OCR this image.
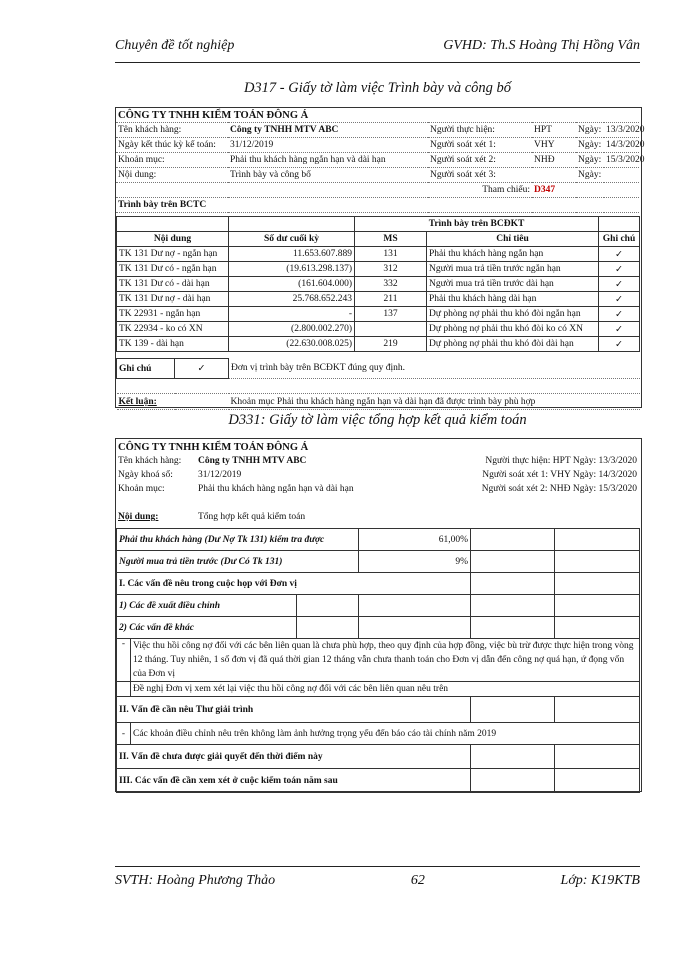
Chuyên đề tốt nghiệp	GVHD: Th.S Hoàng Thị Hồng Vân
D317 - Giấy tờ làm việc Trình bày và công bố
CÔNG TY TNHH KIỂM TOÁN ĐÔNG Á					
Tên khách hàng:	Công ty TNHH MTV ABC	Người thực hiện:	HPT	Ngày:	13/3/2020
Ngày kết thúc kỳ kế toán:	31/12/2019	Người soát xét 1:	VHY	Ngày:	14/3/2020
Khoản mục:	Phải thu khách hàng ngắn hạn và dài hạn	Người soát xét 2:	NHĐ	Ngày:	15/3/2020
Nội dung:	Trình bày và công bố	Người soát xét 3:		Ngày:	
		Tham chiếu:	D347		
Trình bày trên BCTC					
		Trình bày trên BCĐKT		
Nội dung	Số dư cuối kỳ	MS	Chỉ tiêu	Ghi chú
TK 131 Dư nợ - ngắn hạn	11.653.607.889	131	Phải thu khách hàng ngắn hạn	✓
TK 131 Dư có - ngắn hạn	(19.613.298.137)	312	Người mua trả tiền trước ngắn hạn	✓
TK 131 Dư có - dài hạn	(161.604.000)	332	Người mua trả tiền trước dài hạn	✓
TK 131 Dư nợ - dài hạn	25.768.652.243	211	Phải thu khách hàng dài hạn	✓
TK 22931 - ngắn hạn	-	137	Dự phòng nợ phải thu khó đòi ngắn hạn	✓
TK 22934 - ko có XN	(2.800.002.270)		Dự phòng nợ phải thu khó đòi ko có XN	✓
TK 139 - dài hạn	(22.630.008.025)	219	Dự phòng nợ phải thu khó đòi dài hạn	✓
Ghi chú	✓	Đơn vị trình bày trên BCĐKT đúng quy định.

Kết luận:		Khoản mục Phải thu khách hàng ngắn hạn và dài hạn đã được trình bày phù hợp
D331: Giấy tờ làm việc tổng hợp kết quả kiểm toán
CÔNG TY TNHH KIỂM TOÁN ĐÔNG Á		
Tên khách hàng:	Công ty TNHH MTV ABC	Người thực hiện: HPT Ngày: 13/3/2020
Ngày khoá sổ:	31/12/2019	Người soát xét 1: VHY Ngày: 14/3/2020
Khoản mục:	Phải thu khách hàng ngắn hạn và dài hạn	Người soát xét 2: NHĐ Ngày: 15/3/2020

Nội dung:	Tổng hợp kết quả kiểm toán	
Phải thu khách hàng (Dư Nợ Tk 131) kiểm tra được			61,00%		
Người mua trả tiền trước (Dư Có Tk 131)			9%		
I. Các vấn đề nêu trong cuộc họp với Đơn vị					
1) Các đề xuất điều chỉnh					
2) Các vấn đề khác					
-	Việc thu hồi công nợ đối với các bên liên quan là chưa phù hợp, theo quy định của hợp đồng, việc bù trừ được thực hiện trong vòng 12 tháng. Tuy nhiên, 1 số đơn vị đã quá thời gian 12 tháng vẫn chưa thanh toán cho Đơn vị dẫn đến công nợ quá hạn, ứ đọng vốn của Đơn vị				
	Đề nghị Đơn vị xem xét lại việc thu hồi công nợ đối với các bên liên quan nêu trên				
II. Vấn đề cần nêu Thư giải trình					
-	Các khoản điều chỉnh nêu trên không làm ảnh hưởng trọng yếu đến báo cáo tài chính năm 2019				
II. Vấn đề chưa được giải quyết đến thời điểm này					
III. Các vấn đề cần xem xét ở cuộc kiểm toán năm sau					
SVTH: Hoàng Phương Thảo	62	Lớp: K19KTB
